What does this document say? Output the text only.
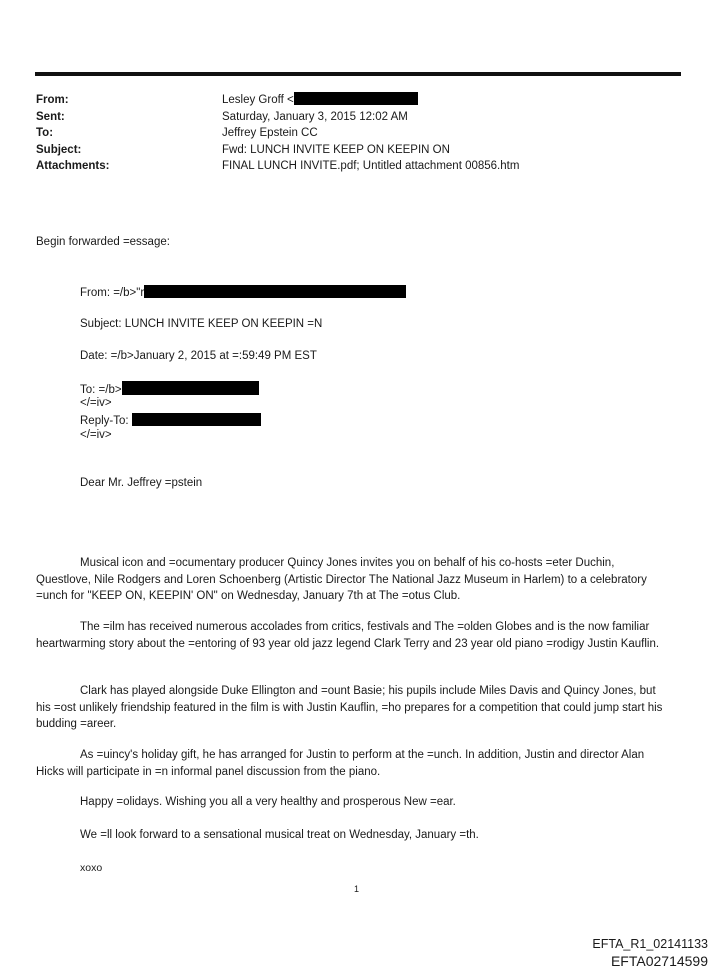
From:	Lesley Groff <
Sent:	Saturday, January 3, 2015 12:02 AM
To:	Jeffrey Epstein CC
Subject:	Fwd: LUNCH INVITE KEEP ON KEEPIN ON
Attachments:	FINAL LUNCH INVITE.pdf; Untitled attachment 00856.htm
Begin forwarded =essage:
From: =/b>"r
Subject: LUNCH INVITE KEEP ON KEEPIN =N
Date: =/b>January 2, 2015 at =:59:49 PM EST
To: =/b>
</=iv>
Reply-To:
</=iv>
Dear Mr. Jeffrey =pstein
Musical icon and =ocumentary producer Quincy Jones invites you on behalf of his co-hosts =eter Duchin, Questlove, Nile Rodgers and Loren Schoenberg (Artistic Director The National Jazz Museum in Harlem) to a celebratory =unch for "KEEP ON, KEEPIN' ON" on Wednesday, January 7th at The =otus Club.
The =ilm has received numerous accolades from critics, festivals and The =olden Globes and is the now familiar heartwarming story about the =entoring of 93 year old jazz legend Clark Terry and 23 year old piano =rodigy Justin Kauflin.
Clark has played alongside Duke Ellington and =ount Basie; his pupils include Miles Davis and Quincy Jones, but his =ost unlikely friendship featured in the film is with Justin Kauflin, =ho prepares for a competition that could jump start his budding =areer.
As =uincy's holiday gift, he has arranged for Justin to perform at the =unch. In addition, Justin and director Alan Hicks will participate in =n informal panel discussion from the piano.
Happy =olidays. Wishing you all a very healthy and prosperous New =ear.
We =ll look forward to a sensational musical treat on Wednesday, January =th.
xoxo
1
EFTA_R1_02141133
EFTA02714599
